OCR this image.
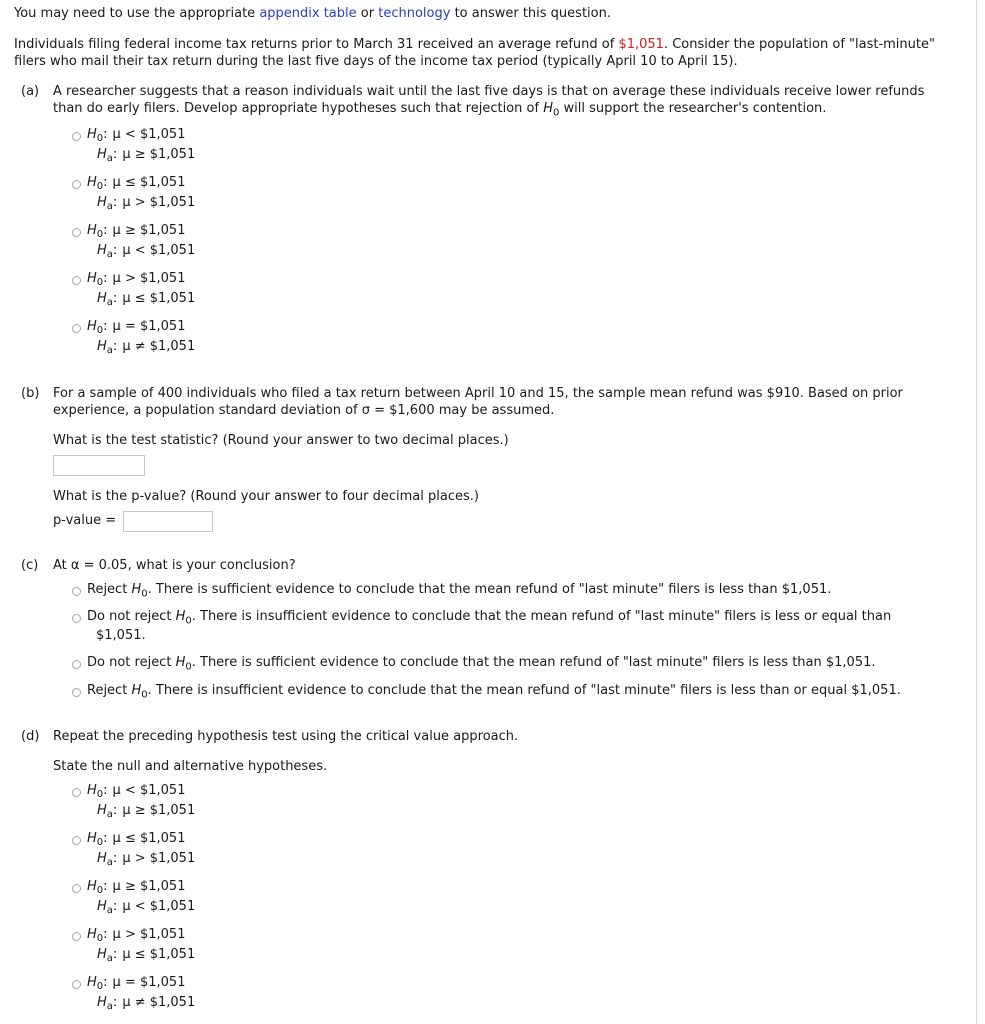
You may need to use the appropriate appendix table or technology to answer this question.
Individuals filing federal income tax returns prior to March 31 received an average refund of $1,051. Consider the population of "last-minute"
filers who mail their tax return during the last five days of the income tax period (typically April 10 to April 15).
(a) A researcher suggests that a reason individuals wait until the last five days is that on average these individuals receive lower refunds
than do early filers. Develop appropriate hypotheses such that rejection of $H_0$ will support the researcher's contention.
$H_0$: μ < $1,051
$H_a$: μ ≥ $1,051
$H_0$: μ ≤ $1,051
$H_a$: μ > $1,051
$H_0$: μ ≥ $1,051
$H_a$: μ < $1,051
$H_0$: μ > $1,051
$H_a$: μ ≤ $1,051
$H_0$: μ = $1,051
$H_a$: μ ≠ $1,051
(b) For a sample of 400 individuals who filed a tax return between April 10 and 15, the sample mean refund was $910. Based on prior
experience, a population standard deviation of σ = $1,600 may be assumed.
What is the test statistic? (Round your answer to two decimal places.)
What is the p-value? (Round your answer to four decimal places.)
p-value =
(c) At α = 0.05, what is your conclusion?
Reject $H_0$. There is sufficient evidence to conclude that the mean refund of "last minute" filers is less than $1,051.
Do not reject $H_0$. There is insufficient evidence to conclude that the mean refund of "last minute" filers is less or equal than
$1,051.
Do not reject $H_0$. There is sufficient evidence to conclude that the mean refund of "last minute" filers is less than $1,051.
Reject $H_0$. There is insufficient evidence to conclude that the mean refund of "last minute" filers is less than or equal $1,051.
(d) Repeat the preceding hypothesis test using the critical value approach.
State the null and alternative hypotheses.
$H_0$: μ < $1,051
$H_a$: μ ≥ $1,051
$H_0$: μ ≤ $1,051
$H_a$: μ > $1,051
$H_0$: μ ≥ $1,051
$H_a$: μ < $1,051
$H_0$: μ > $1,051
$H_a$: μ ≤ $1,051
$H_0$: μ = $1,051
$H_a$: μ ≠ $1,051
